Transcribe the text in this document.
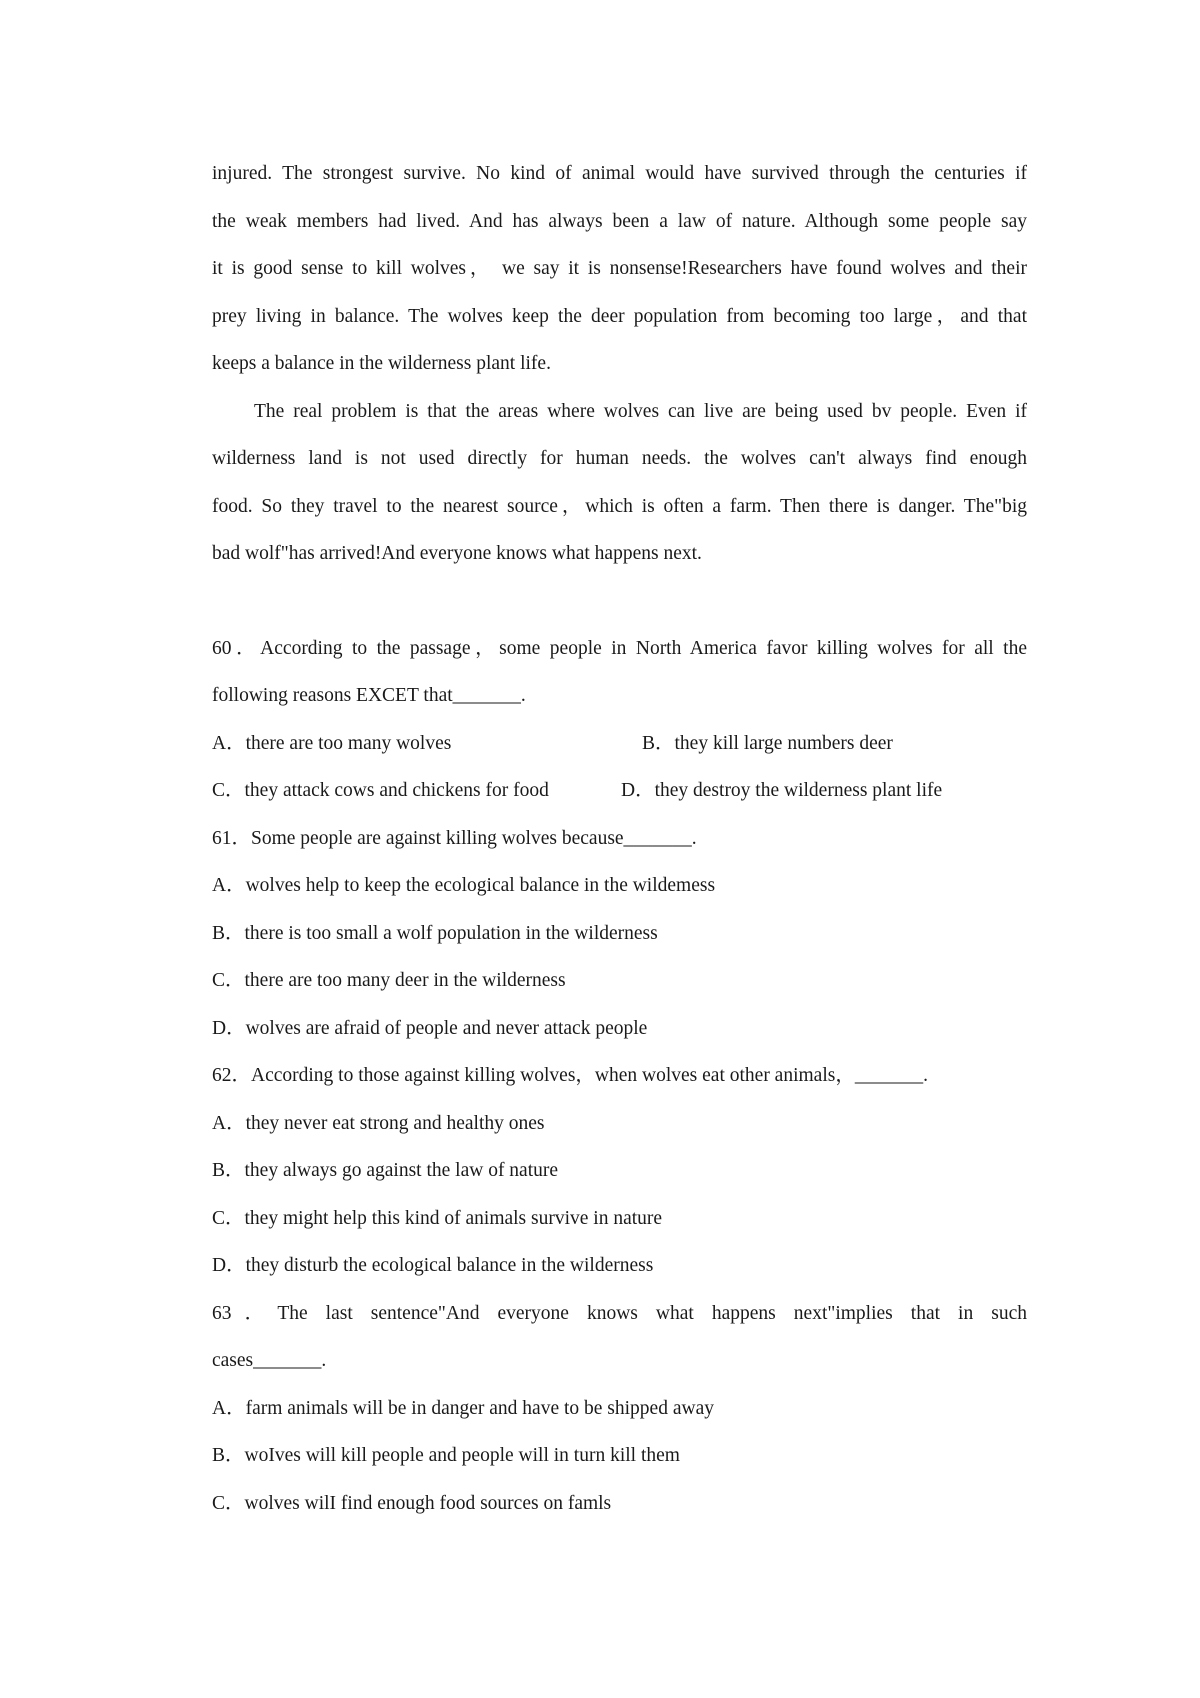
injured. The strongest survive. No kind of animal would have survived through the centuries if
the weak members had lived. And has always been a law of nature. Although some people say
it is good sense to kill wolves， we say it is nonsense!Researchers have found wolves and their
prey living in balance. The wolves keep the deer population from becoming too large，and that
keeps a balance in the wilderness plant life.
The real problem is that the areas where wolves can live are being used bv people. Even if
wilderness land is not used directly for human needs. the wolves can't always find enough
food. So they travel to the nearest source，which is often a farm. Then there is danger. The"big
bad wolf"has arrived!And everyone knows what happens next.
60．According to the passage，some people in North America favor killing wolves for all the
following reasons EXCET that_______.
A．there are too many wolves	B．they kill large numbers deer
C．they attack cows and chickens for food	D．they destroy the wilderness plant life
61．Some people are against killing wolves because_______.
A．wolves help to keep the ecological balance in the wildemess
B．there is too small a wolf population in the wilderness
C．there are too many deer in the wilderness
D．wolves are afraid of people and never attack people
62．According to those against killing wolves，when wolves eat other animals，_______.
A．they never eat strong and healthy ones
B．they always go against the law of nature
C．they might help this kind of animals survive in nature
D．they disturb the ecological balance in the wilderness
63．The last sentence"And everyone knows what happens next"implies that in such
cases_______.
A．farm animals will be in danger and have to be shipped away
B．woIves will kill people and people will in turn kill them
C．wolves wilI find enough food sources on famls
